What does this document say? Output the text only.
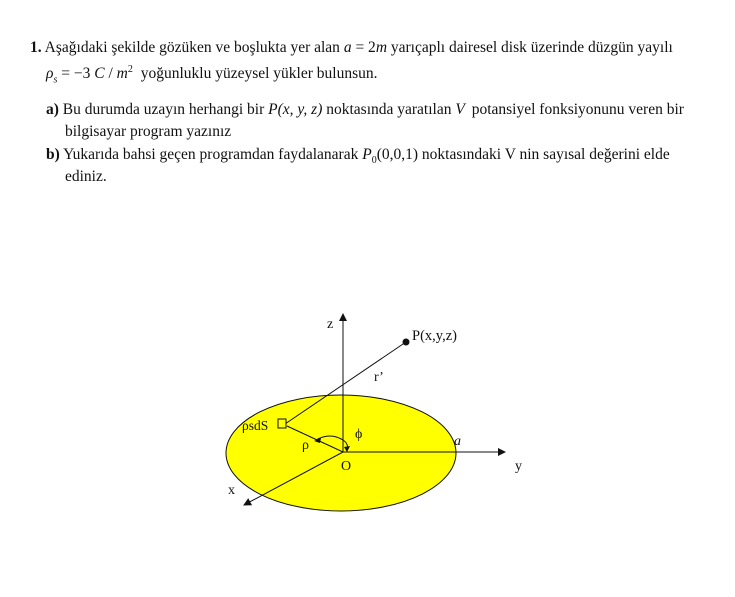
1. Aşağıdaki şekilde gözüken ve boşlukta yer alan a = 2m yarıçaplı dairesel disk üzerinde düzgün yayılı
$\rho_s = -3$ C / $m^2$ yoğunluklu yüzeysel yükler bulunsun.
a) Bu durumda uzayın herhangi bir P(x, y, z) noktasında yaratılan V potansiyel fonksiyonunu veren bir
bilgisayar program yazınız
b) Yukarıda bahsi geçen programdan faydalanarak $P_0(0,0,1)$ noktasındaki V nin sayısal değerini elde
ediniz.
z
P(x,y,z)
r’
ρsdS
ρ
ϕ	a
O	y
x
